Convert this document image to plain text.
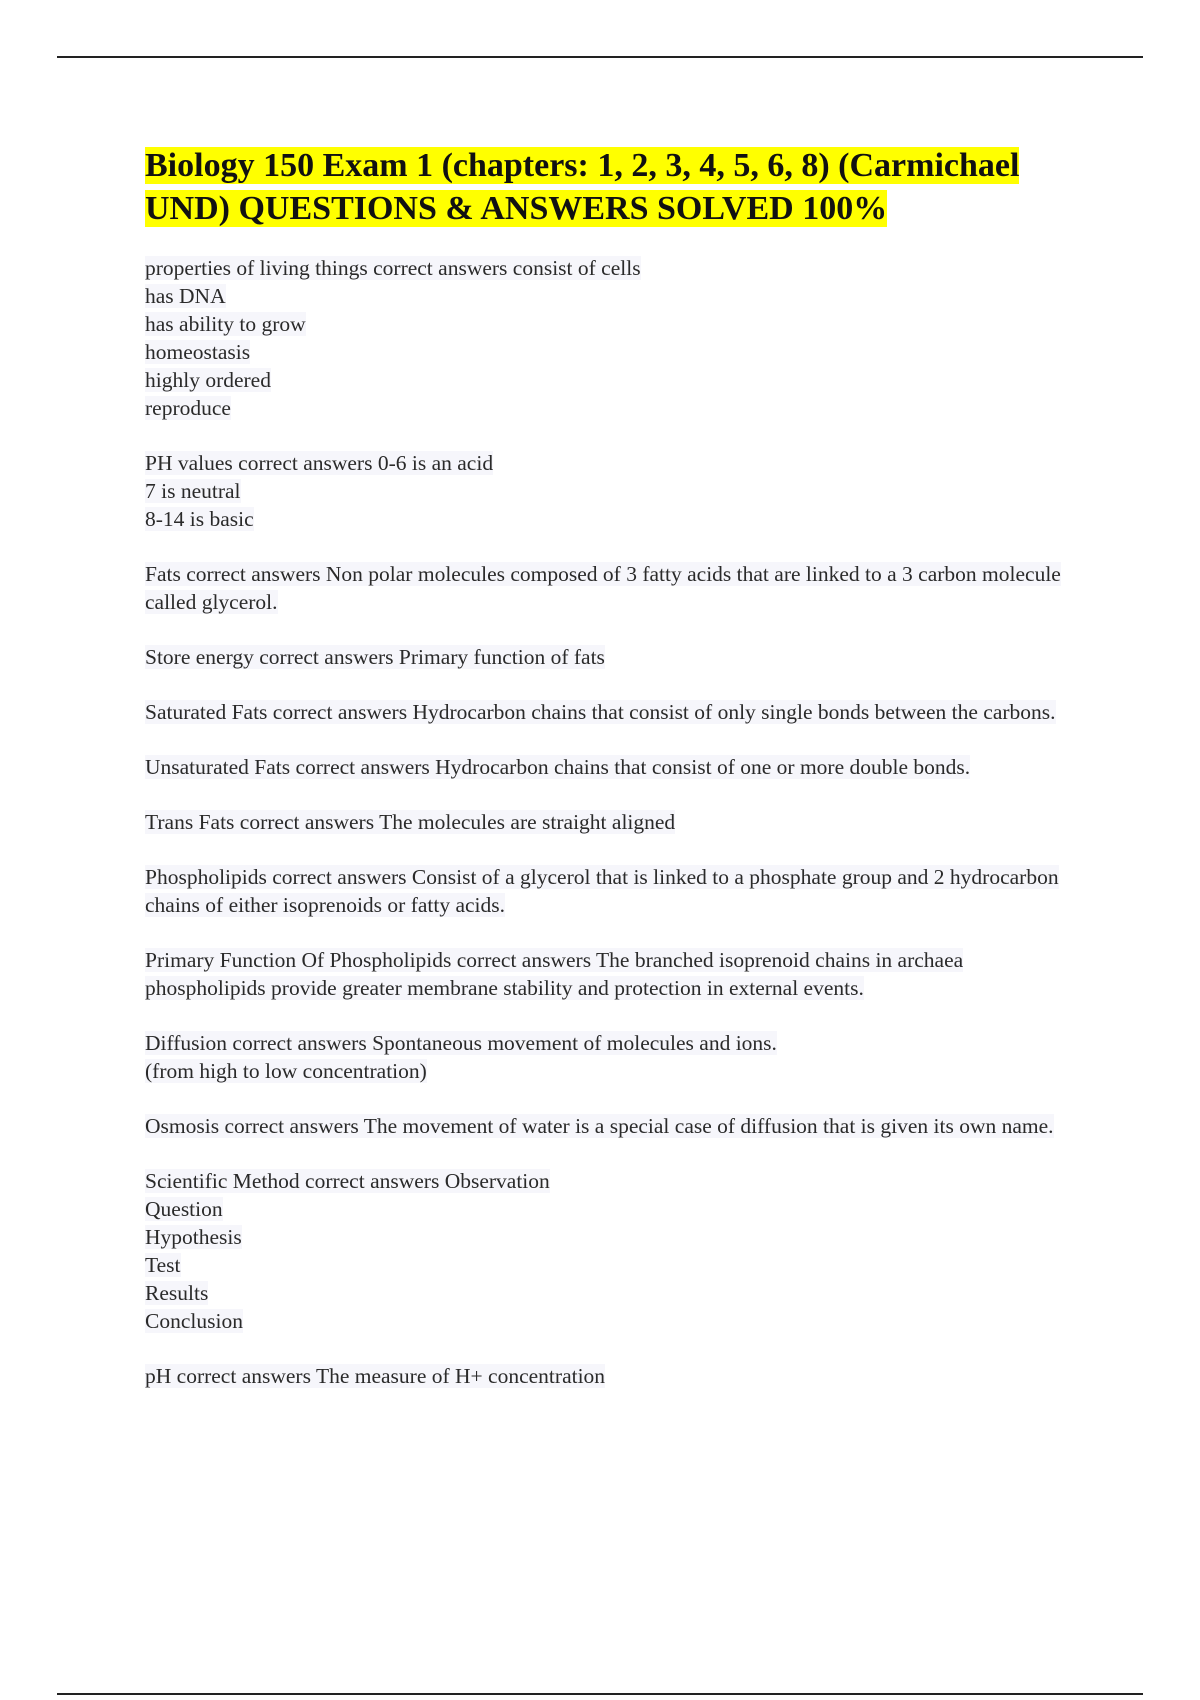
Biology 150 Exam 1 (chapters: 1, 2, 3, 4, 5, 6, 8) (Carmichael UND) QUESTIONS & ANSWERS SOLVED 100%
properties of living things correct answers consist of cells
has DNA
has ability to grow
homeostasis
highly ordered
reproduce
PH values correct answers 0-6 is an acid
7 is neutral
8-14 is basic
Fats correct answers Non polar molecules composed of 3 fatty acids that are linked to a 3 carbon molecule called glycerol.
Store energy correct answers Primary function of fats
Saturated Fats correct answers Hydrocarbon chains that consist of only single bonds between the carbons.
Unsaturated Fats correct answers Hydrocarbon chains that consist of one or more double bonds.
Trans Fats correct answers The molecules are straight aligned
Phospholipids correct answers Consist of a glycerol that is linked to a phosphate group and 2 hydrocarbon chains of either isoprenoids or fatty acids.
Primary Function Of Phospholipids correct answers The branched isoprenoid chains in archaea phospholipids provide greater membrane stability and protection in external events.
Diffusion correct answers Spontaneous movement of molecules and ions.
(from high to low concentration)
Osmosis correct answers The movement of water is a special case of diffusion that is given its own name.
Scientific Method correct answers Observation
Question
Hypothesis
Test
Results
Conclusion
pH correct answers The measure of H+ concentration
